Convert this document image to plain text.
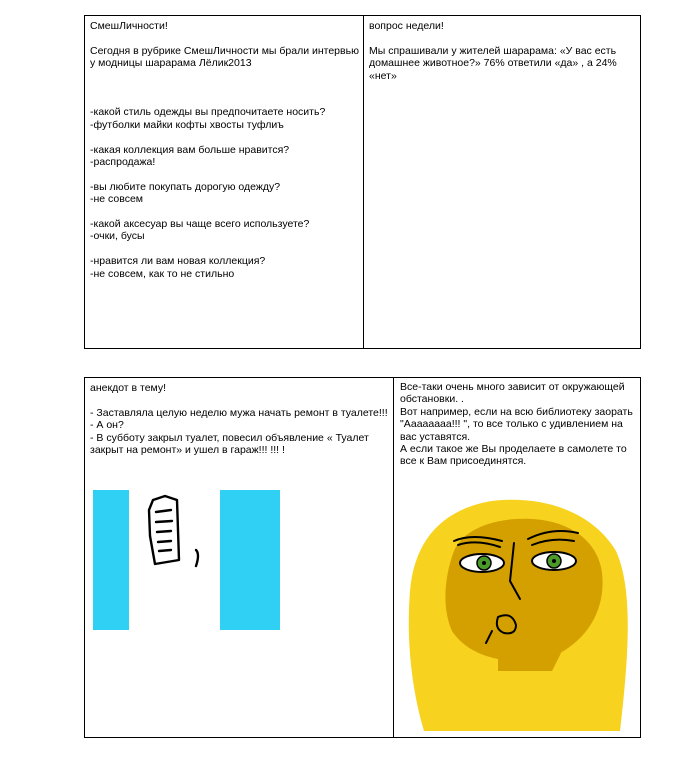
СмешЛичности!

Сегодня в рубрике СмешЛичности мы брали интервью у модницы шарарама Лёлик2013

-какой стиль одежды вы предпочитаете носить?

-футболки майки кофты хвосты туфлиъ

-какая коллекция вам больше нравится?

-распродажа!

-вы любите покупать дорогую одежду?

-не совсем

-какой аксесуар вы чаще всего используете?

-очки, бусы

-нравится ли вам новая коллекция?

-не совсем, как то не стильно

вопрос недели!

Мы спрашивали у жителей шарарама: «У вас есть домашнее животное?» 76% ответили «да» , а 24% «нет»

анекдот в тему!

- Заставляла целую неделю мужа начать ремонт в туалете!!!

- А он?

- В субботу закрыл туалет, повесил объявление « Туалет закрыт на ремонт» и ушел в гараж!!! !!! !

Все-таки очень много зависит от окружающей обстановки. .

Вот например, если на всю библиотеку заорать "Аааааааа!!! ", то все только с удивлением на вас уставятся.

А если такое же Вы проделаете в самолете то все к Вам присоединятся.
